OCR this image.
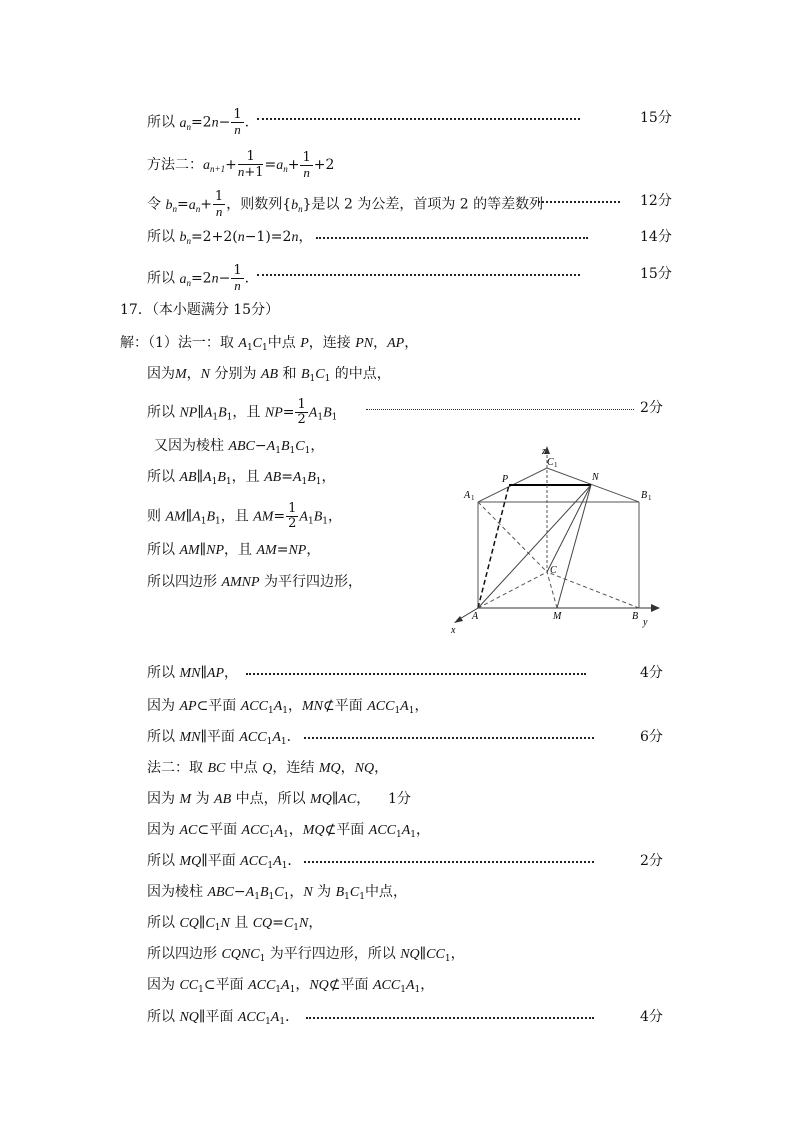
所以 $a_n=2n- \frac{1}{n}$ .	15分
方法二：$a_{n+1}+ \frac{1}{n+1} =a_n+ \frac{1}{n} +2$
令 $b_n=a_n+ \frac{1}{n}$ ，则数列$\{b_n\}$是以 2 为公差，首项为 2 的等差数列	12分
所以 $b_n=2+2(n-1)=2n$，	14分
所以 $a_n=2n- \frac{1}{n}$ .	15分
17．（本小题满分 15分）
解：（1）法一：取 $A_1C_1$中点 P，连接 PN，AP，
因为M，N 分别为 AB 和 $B_1C_1$ 的中点，
所以 $NP\parallel A_1B_1$，且 $NP= \frac{1}{2} A_1B_1$
2分
又因为棱柱 $ABC-A_1B_1C_1$，
所以 $AB\parallel A_1B_1$，且 $AB=A_1B_1$，
则 $AM\parallel A_1B_1$，且 $AM= \frac{1}{2} A_1B_1$，
所以 AM∥NP，且 AM=NP，
所以四边形 AMNP 为平行四边形，
z
C 1
P	N
A 1	B 1
C
A	M	B
x
y
所以 MN∥AP，	4分
因为 AP⊂平面 $ACC_1A_1$，MN⊄平面 $ACC_1A_1$，
所以 MN∥平面 $ACC_1A_1$．	6分
法二：取 BC 中点 Q，连结 MQ，NQ，
因为 M 为 AB 中点，所以 MQ∥AC，    1分
因为 AC⊂平面 $ACC_1A_1$，MQ⊄平面 $ACC_1A_1$，
所以 MQ∥平面 $ACC_1A_1$．	2分
因为棱柱 $ABC-A_1B_1C_1$，N 为 $B_1C_1$中点，
所以 $CQ\parallel C_1N$ 且 $CQ=C_1N$，
所以四边形 $CQNC_1$ 为平行四边形，所以 $NQ\parallel CC_1$，
因为 $CC_1\subset$平面 $ACC_1A_1$，NQ⊄平面 $ACC_1A_1$，
所以 NQ∥平面 $ACC_1A_1$．	4分
